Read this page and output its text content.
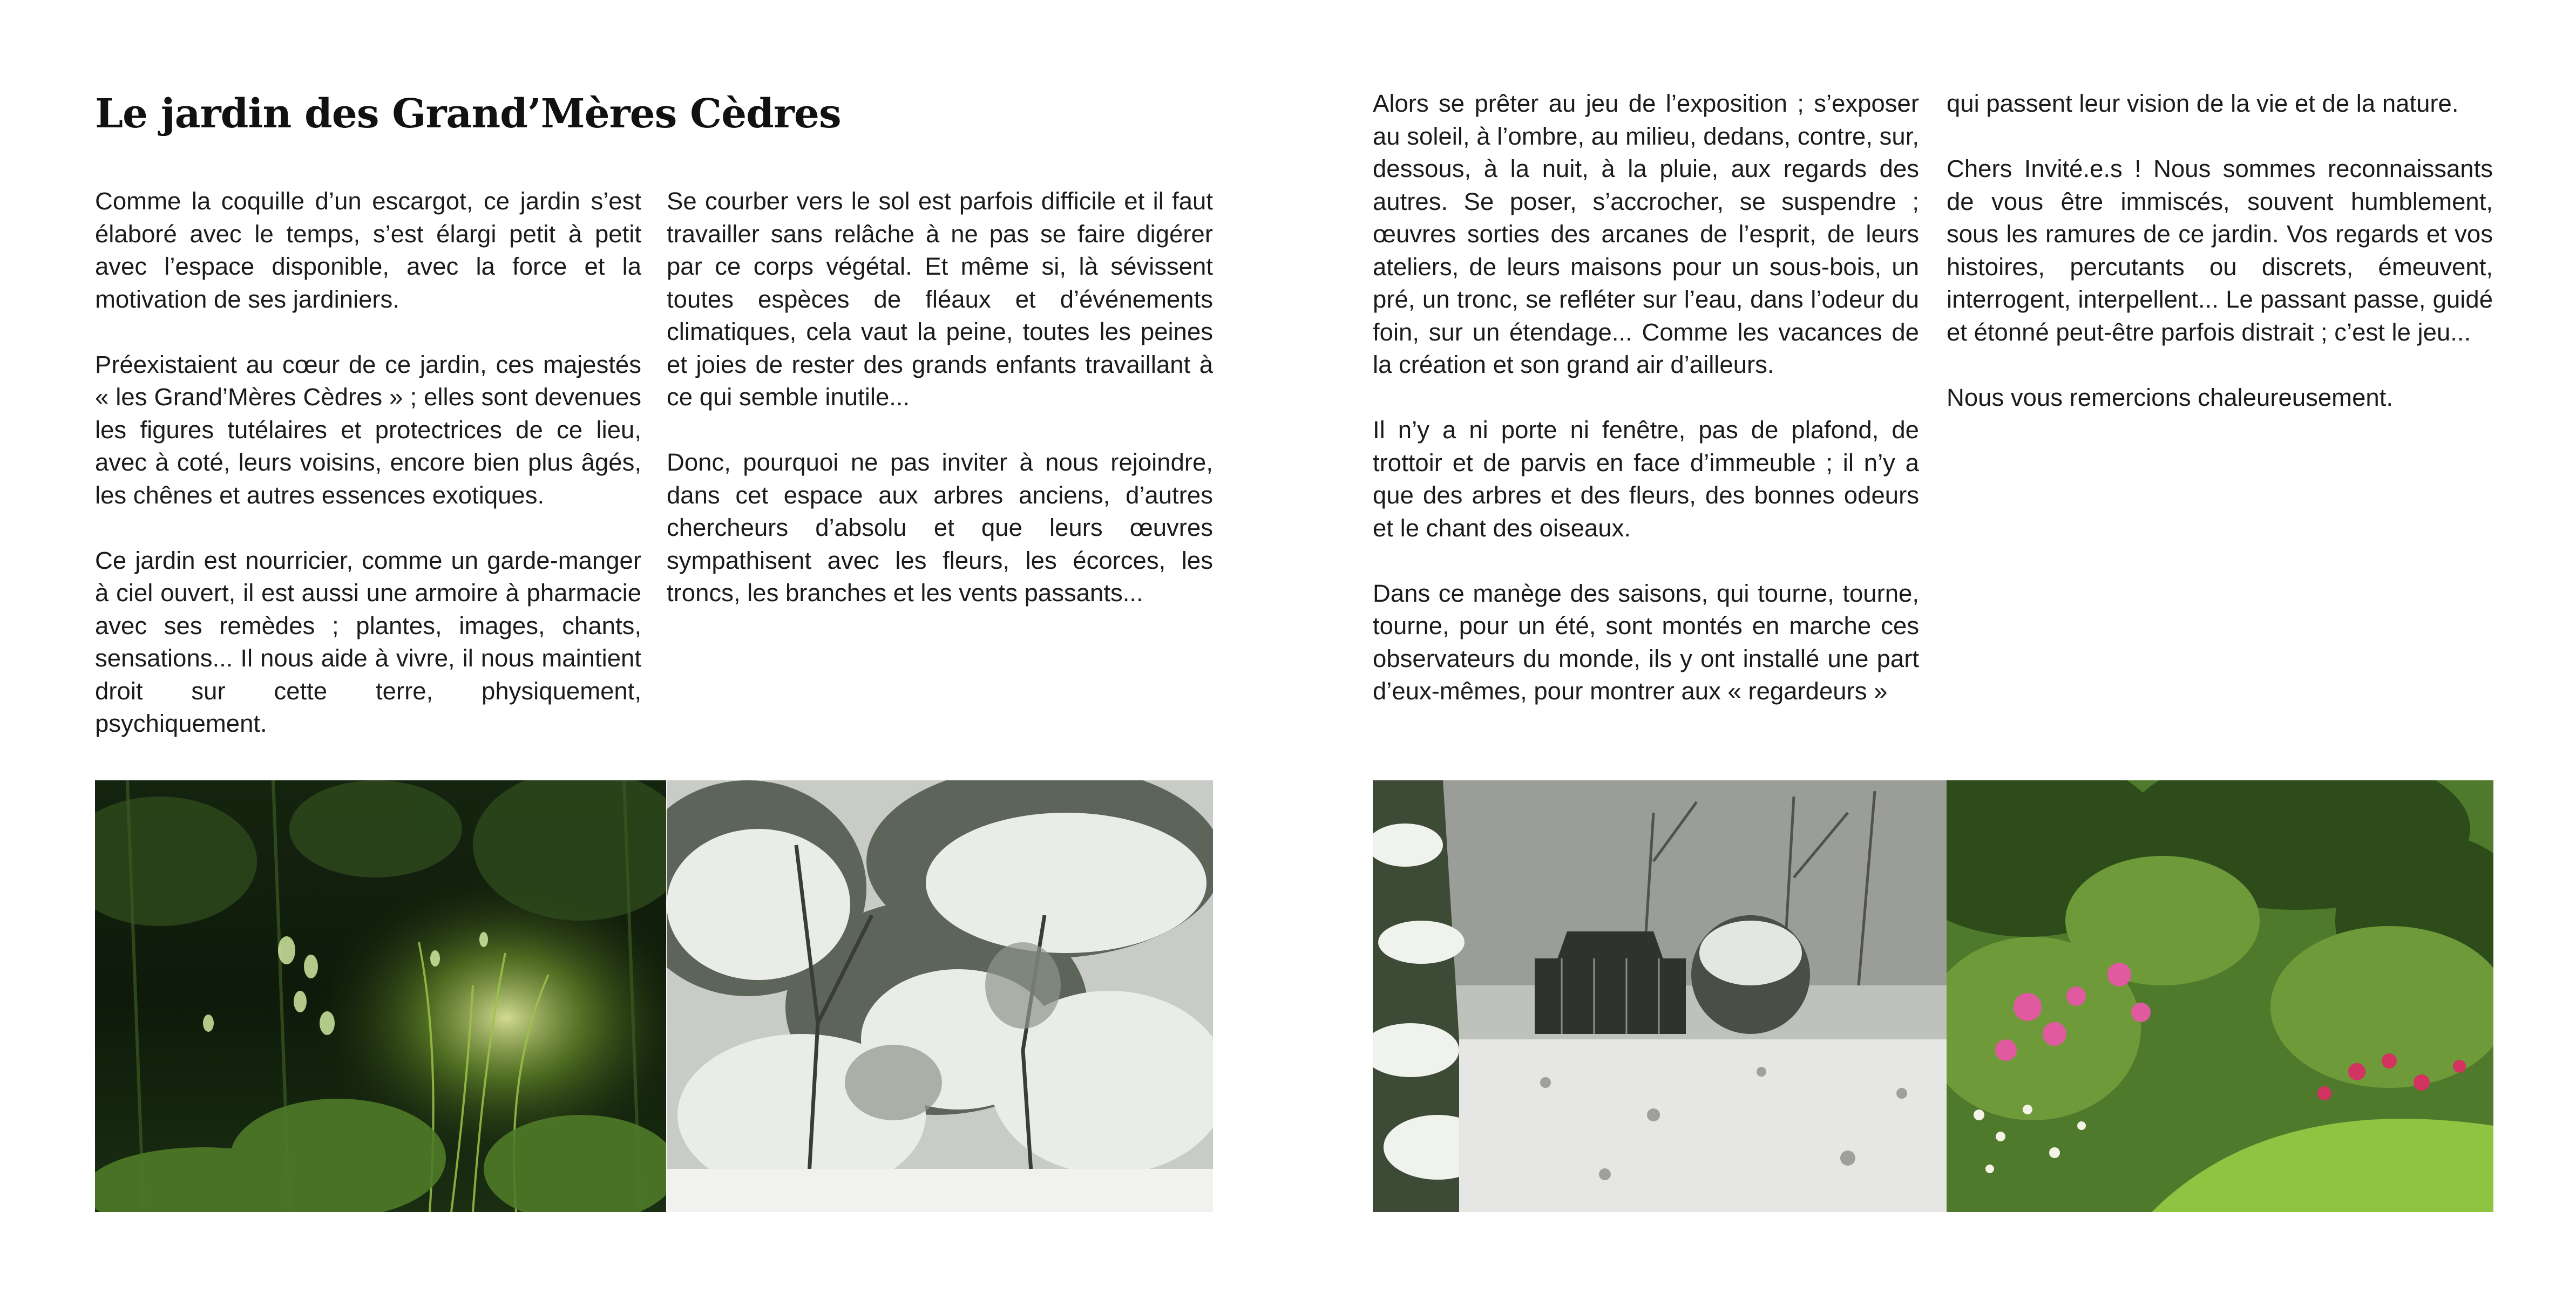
Le jardin des Grand’Mères Cèdres

Comme la coquille d’un escargot, ce jardin s’est élaboré avec le temps, s’est élargi petit à petit avec l’espace disponible, avec la force et la motivation de ses jardiniers.

Préexistaient au cœur de ce jardin, ces majestés « les Grand’Mères Cèdres » ; elles sont devenues les figures tutélaires et protectrices de ce lieu, avec à coté, leurs voisins, encore bien plus âgés, les chênes et autres essences exotiques.

Ce jardin est nourricier, comme un garde-manger à ciel ouvert, il est aussi une armoire à pharmacie avec ses remèdes ; plantes, images, chants, sensations... Il nous aide à vivre, il nous maintient droit sur cette terre, physiquement, psychiquement.

Se courber vers le sol est parfois difficile et il faut travailler sans relâche à ne pas se faire digérer par ce corps végétal. Et même si, là sévissent toutes espèces de fléaux et d’événements climatiques, cela vaut la peine, toutes les peines et joies de rester des grands enfants travaillant à ce qui semble inutile...

Donc, pourquoi ne pas inviter à nous rejoindre, dans cet espace aux arbres anciens, d’autres chercheurs d’absolu et que leurs œuvres sympathisent avec les fleurs, les écorces, les troncs, les branches et les vents passants...

Alors se prêter au jeu de l’exposition ; s’exposer au soleil, à l’ombre, au milieu, dedans, contre, sur, dessous, à la nuit, à la pluie, aux regards des autres. Se poser, s’accrocher, se suspendre ; œuvres sorties des arcanes de l’esprit, de leurs ateliers, de leurs maisons pour un sous-bois, un pré, un tronc, se refléter sur l’eau, dans l’odeur du foin, sur un étendage... Comme les vacances de la création et son grand air d’ailleurs.

Il n’y a ni porte ni fenêtre, pas de plafond, de trottoir et de parvis en face d’immeuble ; il n’y a que des arbres et des fleurs, des bonnes odeurs et le chant des oiseaux.

Dans ce manège des saisons, qui tourne, tourne, tourne, pour un été, sont montés en marche ces observateurs du monde, ils y ont installé une part d’eux-mêmes, pour montrer aux « regardeurs »

qui passent leur vision de la vie et de la nature.

Chers Invité.e.s ! Nous sommes reconnaissants de vous être immiscés, souvent humblement, sous les ramures de ce jardin. Vos regards et vos histoires, percutants ou discrets, émeuvent, interrogent, interpellent... Le passant passe, guidé et étonné peut-être parfois distrait ; c’est le jeu...

Nous vous remercions chaleureusement.
